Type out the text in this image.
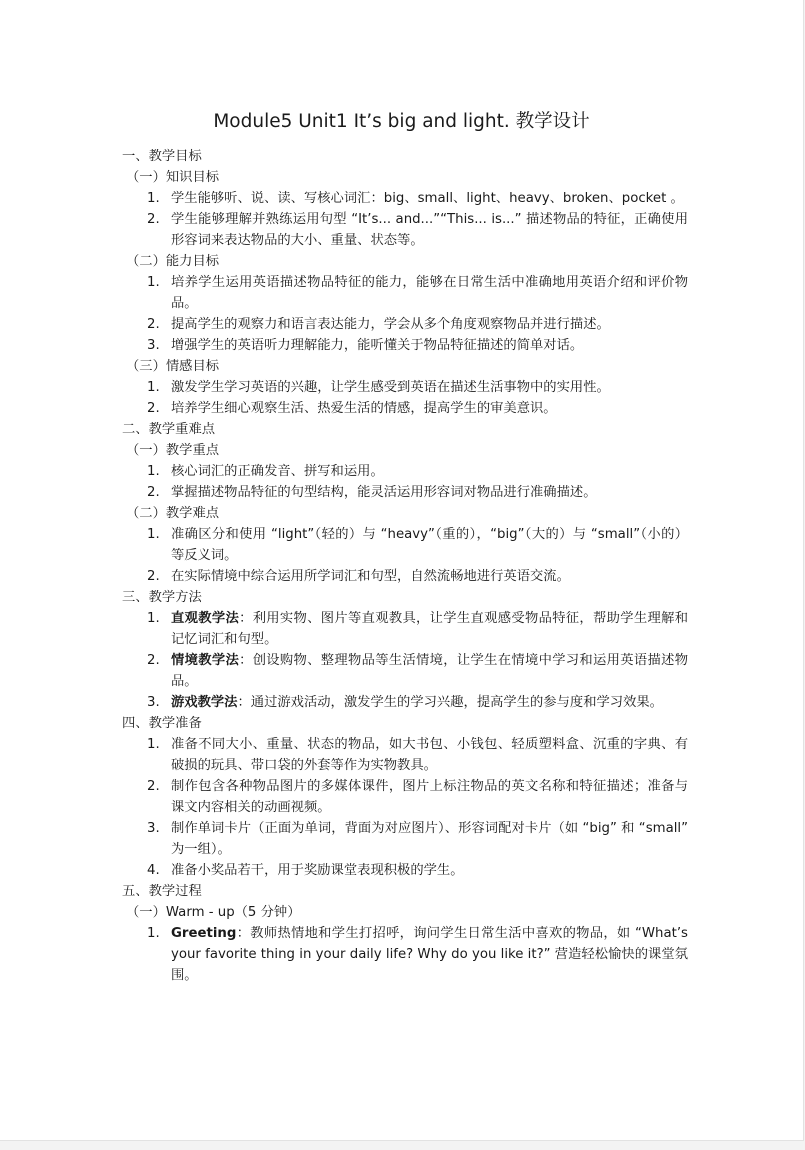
Module5 Unit1 It’s big and light. 教学设计
一、教学目标
（一）知识目标
1. 学生能够听、说、读、写核心词汇：big、small、light、heavy、broken、pocket 。
2. 学生能够理解并熟练运用句型 “It’s... and...”“This... is...” 描述物品的特征，正确使用形容词来表达物品的大小、重量、状态等。
（二）能力目标
1. 培养学生运用英语描述物品特征的能力，能够在日常生活中准确地用英语介绍和评价物品。
2. 提高学生的观察力和语言表达能力，学会从多个角度观察物品并进行描述。
3. 增强学生的英语听力理解能力，能听懂关于物品特征描述的简单对话。
（三）情感目标
1. 激发学生学习英语的兴趣，让学生感受到英语在描述生活事物中的实用性。
2. 培养学生细心观察生活、热爱生活的情感，提高学生的审美意识。
二、教学重难点
（一）教学重点
1. 核心词汇的正确发音、拼写和运用。
2. 掌握描述物品特征的句型结构，能灵活运用形容词对物品进行准确描述。
（二）教学难点
1. 准确区分和使用 “light”（轻的）与 “heavy”（重的），“big”（大的）与 “small”（小的）等反义词。
2. 在实际情境中综合运用所学词汇和句型，自然流畅地进行英语交流。
三、教学方法
1. 直观教学法：利用实物、图片等直观教具，让学生直观感受物品特征，帮助学生理解和记忆词汇和句型。
2. 情境教学法：创设购物、整理物品等生活情境，让学生在情境中学习和运用英语描述物品。
3. 游戏教学法：通过游戏活动，激发学生的学习兴趣，提高学生的参与度和学习效果。
四、教学准备
1. 准备不同大小、重量、状态的物品，如大书包、小钱包、轻质塑料盒、沉重的字典、有破损的玩具、带口袋的外套等作为实物教具。
2. 制作包含各种物品图片的多媒体课件，图片上标注物品的英文名称和特征描述；准备与课文内容相关的动画视频。
3. 制作单词卡片（正面为单词，背面为对应图片）、形容词配对卡片（如 “big” 和 “small” 为一组）。
4. 准备小奖品若干，用于奖励课堂表现积极的学生。
五、教学过程
（一）Warm - up（5 分钟）
1. Greeting：教师热情地和学生打招呼，询问学生日常生活中喜欢的物品，如 “What’s your favorite thing in your daily life? Why do you like it?” 营造轻松愉快的课堂氛围。
